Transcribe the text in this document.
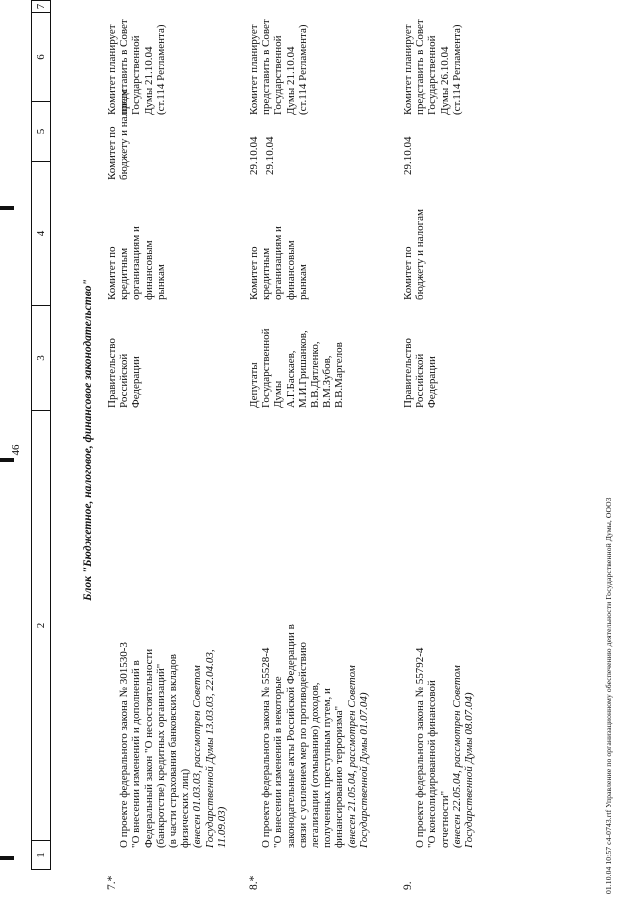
01.10.04 10:57 c4-0743.rtf Управление по организационному обеспечению деятельности Государственной Думы, ООО3
46
1
2
3
4
5
6
7
Блок "Бюджетное, налоговое, финансовое законодательство"
7.*

О проекте федерального закона № 301530-3
"О внесении изменений и дополнений в
Федеральный закон "О несостоятельности
(банкротстве) кредитных организаций"
(в части страхования банковских вкладов
физических лиц)

(внесен 01.03.03, рассмотрен Советом
Государственной Думы 13.03.03, 22.04.03,
11.09.03)

Правительство
Российской
Федерации
Комитет по
кредитным
организациям и
финансовым
рынкам
Комитет по
бюджету и налогам
29.10.04
Комитет планирует
представить в Совет
Государственной
Думы 21.10.04
(ст.114 Регламента)
8.*

О проекте федерального закона № 55528-4
"О внесении изменений в некоторые
законодательные акты Российской Федерации в
связи с усилением мер по противодействию
легализации (отмыванию) доходов,
полученных преступным путем, и
финансированию терроризма"

(внесен 21.05.04, рассмотрен Советом
Государственной Думы 01.07.04)

Депутаты
Государственной
Думы
А.Г.Баскаев,
М.И.Гришанков,
В.В.Дятленко,
В.М.Зубов,
В.В.Маргелов
Комитет по
кредитным
организациям и
финансовым
рынкам
29.10.04
Комитет планирует
представить в Совет
Государственной
Думы 21.10.04
(ст.114 Регламента)
9.

О проекте федерального закона № 55792-4
"О консолидированной финансовой
отчетности" (внесен 22.05.04, рассмотрен Советом
Государственной Думы 08.07.04)

Правительство
Российской
Федерации
Комитет по
бюджету и налогам
29.10.04
Комитет планирует
представить в Совет
Государственной
Думы 26.10.04
(ст.114 Регламента)
